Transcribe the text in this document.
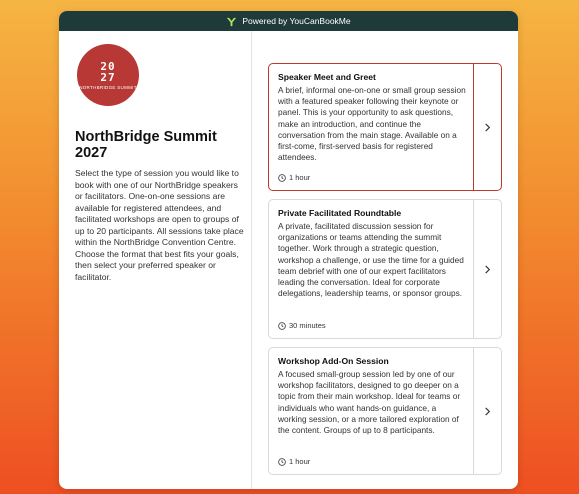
Powered by YouCanBookMe
2027
NORTHBRIDGE SUMMIT
NorthBridge Summit 2027
Select the type of session you would like to book with one of our NorthBridge speakers or facilitators. One-on-one sessions are available for registered attendees, and facilitated workshops are open to groups of up to 20 participants. All sessions take place within the NorthBridge Convention Centre. Choose the format that best fits your goals, then select your preferred speaker or facilitator.
Speaker Meet and Greet
A brief, informal one-on-one or small group session with a featured speaker following their keynote or panel. This is your opportunity to ask questions, make an introduction, and continue the conversation from the main stage. Available on a first-come, first-served basis for registered attendees.
1 hour
Private Facilitated Roundtable
A private, facilitated discussion session for organizations or teams attending the summit together. Work through a strategic question, workshop a challenge, or use the time for a guided team debrief with one of our expert facilitators leading the conversation. Ideal for corporate delegations, leadership teams, or sponsor groups.
30 minutes
Workshop Add-On Session
A focused small-group session led by one of our workshop facilitators, designed to go deeper on a topic from their main workshop. Ideal for teams or individuals who want hands-on guidance, a working session, or a more tailored exploration of the content. Groups of up to 8 participants.
1 hour
